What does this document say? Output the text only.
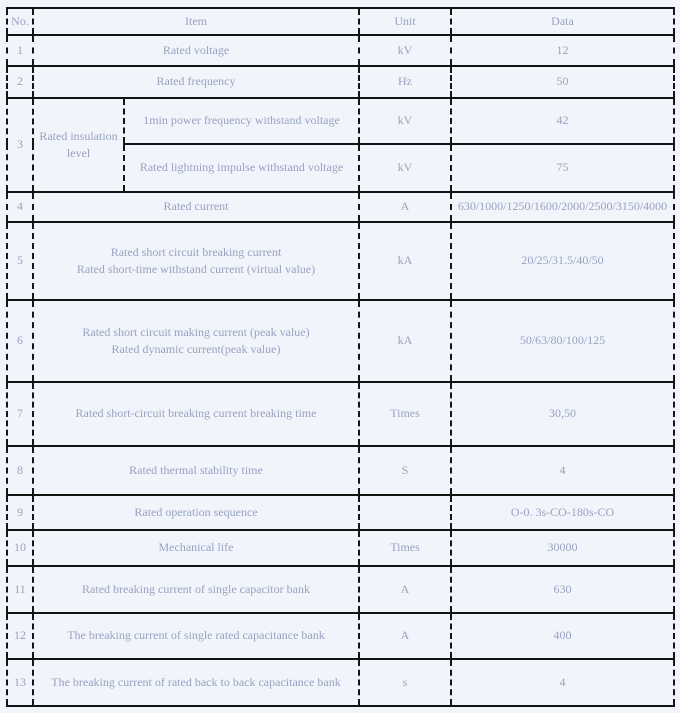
No.	Item		Unit	Data
1	Rated voltage		kV	12
2	Rated frequency		Hz	50
3	Rated insulation level	1min power frequency withstand voltage	kV	42
		Rated lightning impulse withstand voltage	kV	75
4	Rated current		A	630/1000/1250/1600/2000/2500/3150/4000
5	Rated short circuit breaking current
Rated short-time withstand current (virtual value)		kA	20/25/31.5/40/50
6	Rated short circuit making current (peak value)
Rated dynamic current(peak value)		kA	50/63/80/100/125
7	Rated short-circuit breaking current breaking time		Times	30,50
8	Rated thermal stability time		S	4
9	Rated operation sequence			O-0. 3s-CO-180s-CO
10	Mechanical life		Times	30000
11	Rated breaking current of single capacitor bank		A	630
12	The breaking current of single rated capacitance bank		A	400
13	The breaking current of rated back to back capacitance bank		s	4
